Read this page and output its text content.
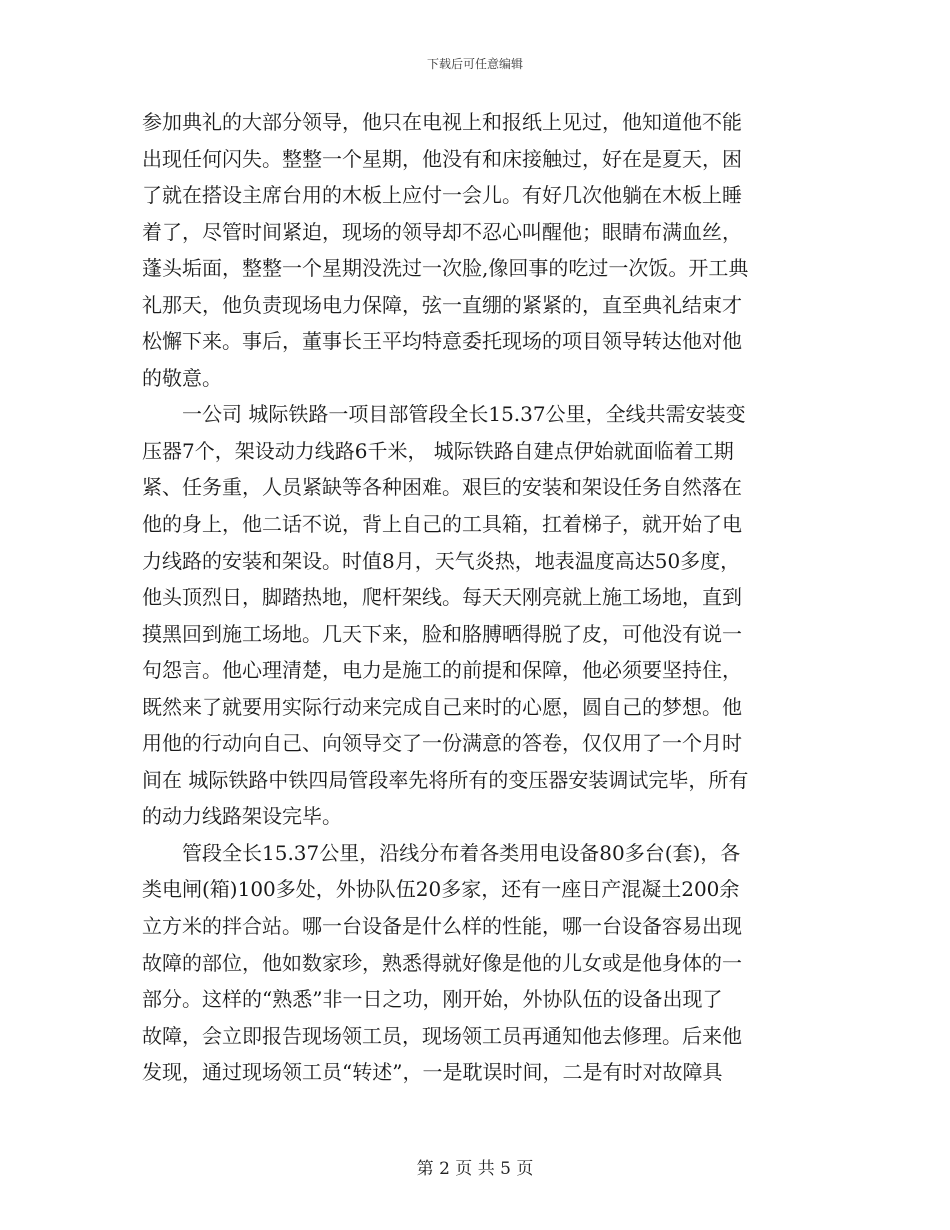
下载后可任意编辑
参加典礼的大部分领导，他只在电视上和报纸上见过，他知道他不能
出现任何闪失。整整一个星期，他没有和床接触过，好在是夏天，困
了就在搭设主席台用的木板上应付一会儿。有好几次他躺在木板上睡
着了，尽管时间紧迫，现场的领导却不忍心叫醒他；眼睛布满血丝，
蓬头垢面，整整一个星期没洗过一次脸,像回事的吃过一次饭。开工典
礼那天，他负责现场电力保障，弦一直绷的紧紧的，直至典礼结束才
松懈下来。事后，董事长王平均特意委托现场的项目领导转达他对他
的敬意。
　　一公司 城际铁路一项目部管段全长15.37公里，全线共需安装变
压器7个，架设动力线路6千米， 城际铁路自建点伊始就面临着工期
紧、任务重，人员紧缺等各种困难。艰巨的安装和架设任务自然落在
他的身上，他二话不说，背上自己的工具箱，扛着梯子，就开始了电
力线路的安装和架设。时值8月，天气炎热，地表温度高达50多度，
他头顶烈日，脚踏热地，爬杆架线。每天天刚亮就上施工场地，直到
摸黑回到施工场地。几天下来，脸和胳膊晒得脱了皮，可他没有说一
句怨言。他心理清楚，电力是施工的前提和保障，他必须要坚持住，
既然来了就要用实际行动来完成自己来时的心愿，圆自己的梦想。他
用他的行动向自己、向领导交了一份满意的答卷，仅仅用了一个月时
间在 城际铁路中铁四局管段率先将所有的变压器安装调试完毕，所有
的动力线路架设完毕。
　　管段全长15.37公里，沿线分布着各类用电设备80多台(套)，各
类电闸(箱)100多处，外协队伍20多家，还有一座日产混凝土200余
立方米的拌合站。哪一台设备是什么样的性能，哪一台设备容易出现
故障的部位，他如数家珍，熟悉得就好像是他的儿女或是他身体的一
部分。这样的“熟悉”非一日之功，刚开始，外协队伍的设备出现了
故障，会立即报告现场领工员，现场领工员再通知他去修理。后来他
发现，通过现场领工员“转述”，一是耽误时间，二是有时对故障具
第 2 页 共 5 页
